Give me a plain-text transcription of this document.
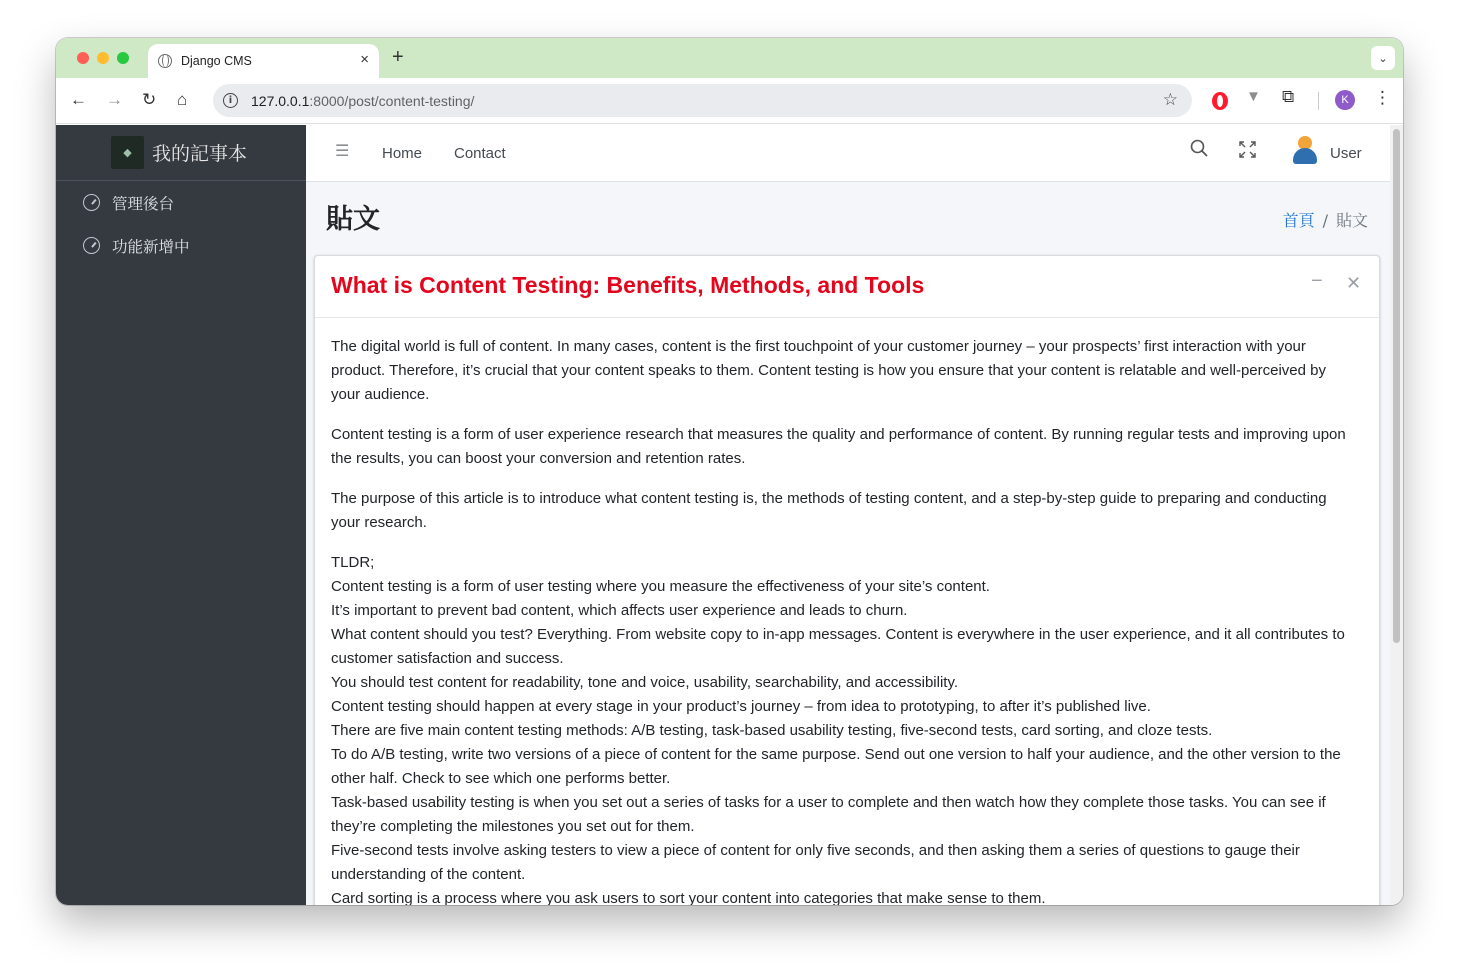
Django CMS	× +	⌄
← → ↻ ⌂	i	127.0.0.1:8000/post/content-testing/	☆	▼ ⧉	K	⋮
◆	我的記事本
管理後台
功能新增中
☰ Home Contact	User
貼文	首頁 / 貼文
What is Content Testing: Benefits, Methods, and Tools	− ✕

The digital world is full of content. In many cases, content is the first touchpoint of your customer journey – your prospects’ first interaction with your product. Therefore, it’s crucial that your content speaks to them. Content testing is how you ensure that your content is relatable and well-perceived by your audience.

Content testing is a form of user experience research that measures the quality and performance of content. By running regular tests and improving upon the results, you can boost your conversion and retention rates.

The purpose of this article is to introduce what content testing is, the methods of testing content, and a step-by-step guide to preparing and conducting your research.

TLDR;
Content testing is a form of user testing where you measure the effectiveness of your site’s content.
It’s important to prevent bad content, which affects user experience and leads to churn.
What content should you test? Everything. From website copy to in-app messages. Content is everywhere in the user experience, and it all contributes to customer satisfaction and success.
You should test content for readability, tone and voice, usability, searchability, and accessibility.
Content testing should happen at every stage in your product’s journey – from idea to prototyping, to after it’s published live.
There are five main content testing methods: A/B testing, task-based usability testing, five-second tests, card sorting, and cloze tests.
To do A/B testing, write two versions of a piece of content for the same purpose. Send out one version to half your audience, and the other version to the other half. Check to see which one performs better.
Task-based usability testing is when you set out a series of tasks for a user to complete and then watch how they complete those tasks. You can see if they’re completing the milestones you set out for them.
Five-second tests involve asking testers to view a piece of content for only five seconds, and then asking them a series of questions to gauge their understanding of the content.
Card sorting is a process where you ask users to sort your content into categories that make sense to them.
